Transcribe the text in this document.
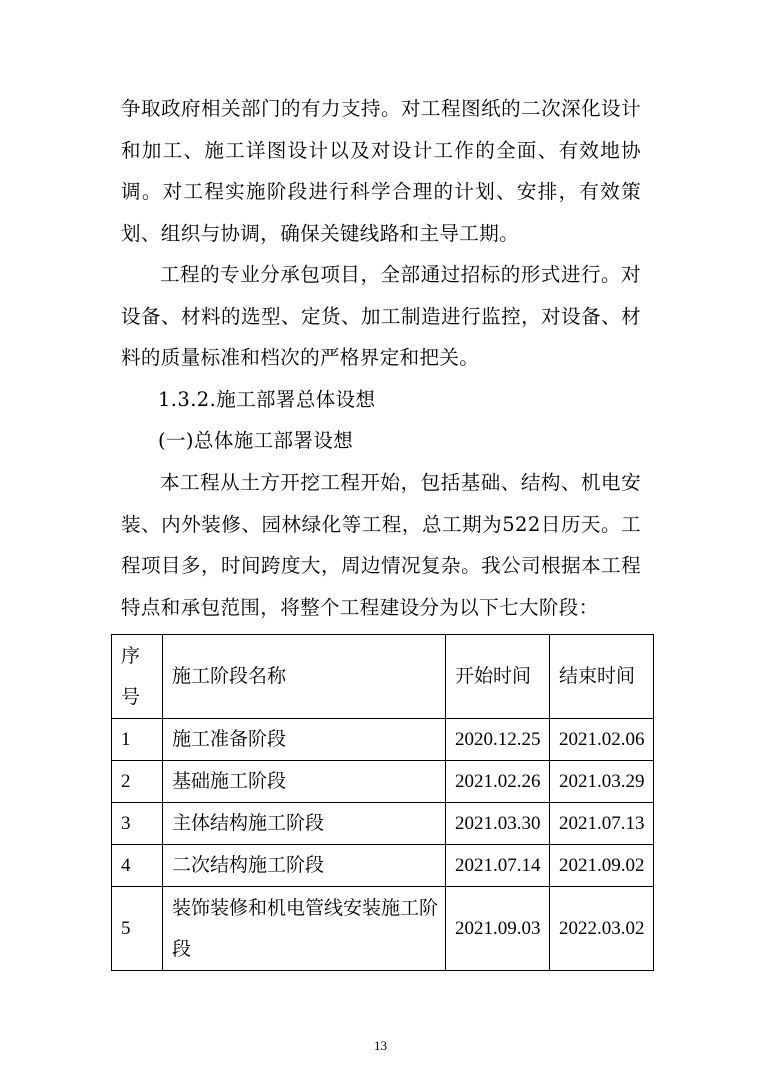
争取政府相关部门的有力支持。对工程图纸的二次深化设计和加工、施工详图设计以及对设计工作的全面、有效地协调。对工程实施阶段进行科学合理的计划、安排，有效策划、组织与协调，确保关键线路和主导工期。

工程的专业分承包项目，全部通过招标的形式进行。对设备、材料的选型、定货、加工制造进行监控，对设备、材料的质量标准和档次的严格界定和把关。

1.3.2.施工部署总体设想

(一)总体施工部署设想

本工程从土方开挖工程开始，包括基础、结构、机电安装、内外装修、园林绿化等工程，总工期为522日历天。工程项目多，时间跨度大，周边情况复杂。我公司根据本工程特点和承包范围，将整个工程建设分为以下七大阶段：

序号	施工阶段名称	开始时间	结束时间
1	施工准备阶段	2020.12.25	2021.02.06
2	基础施工阶段	2021.02.26	2021.03.29
3	主体结构施工阶段	2021.03.30	2021.07.13
4	二次结构施工阶段	2021.07.14	2021.09.02
5	装饰装修和机电管线安装施工阶段	2021.09.03	2022.03.02
13
